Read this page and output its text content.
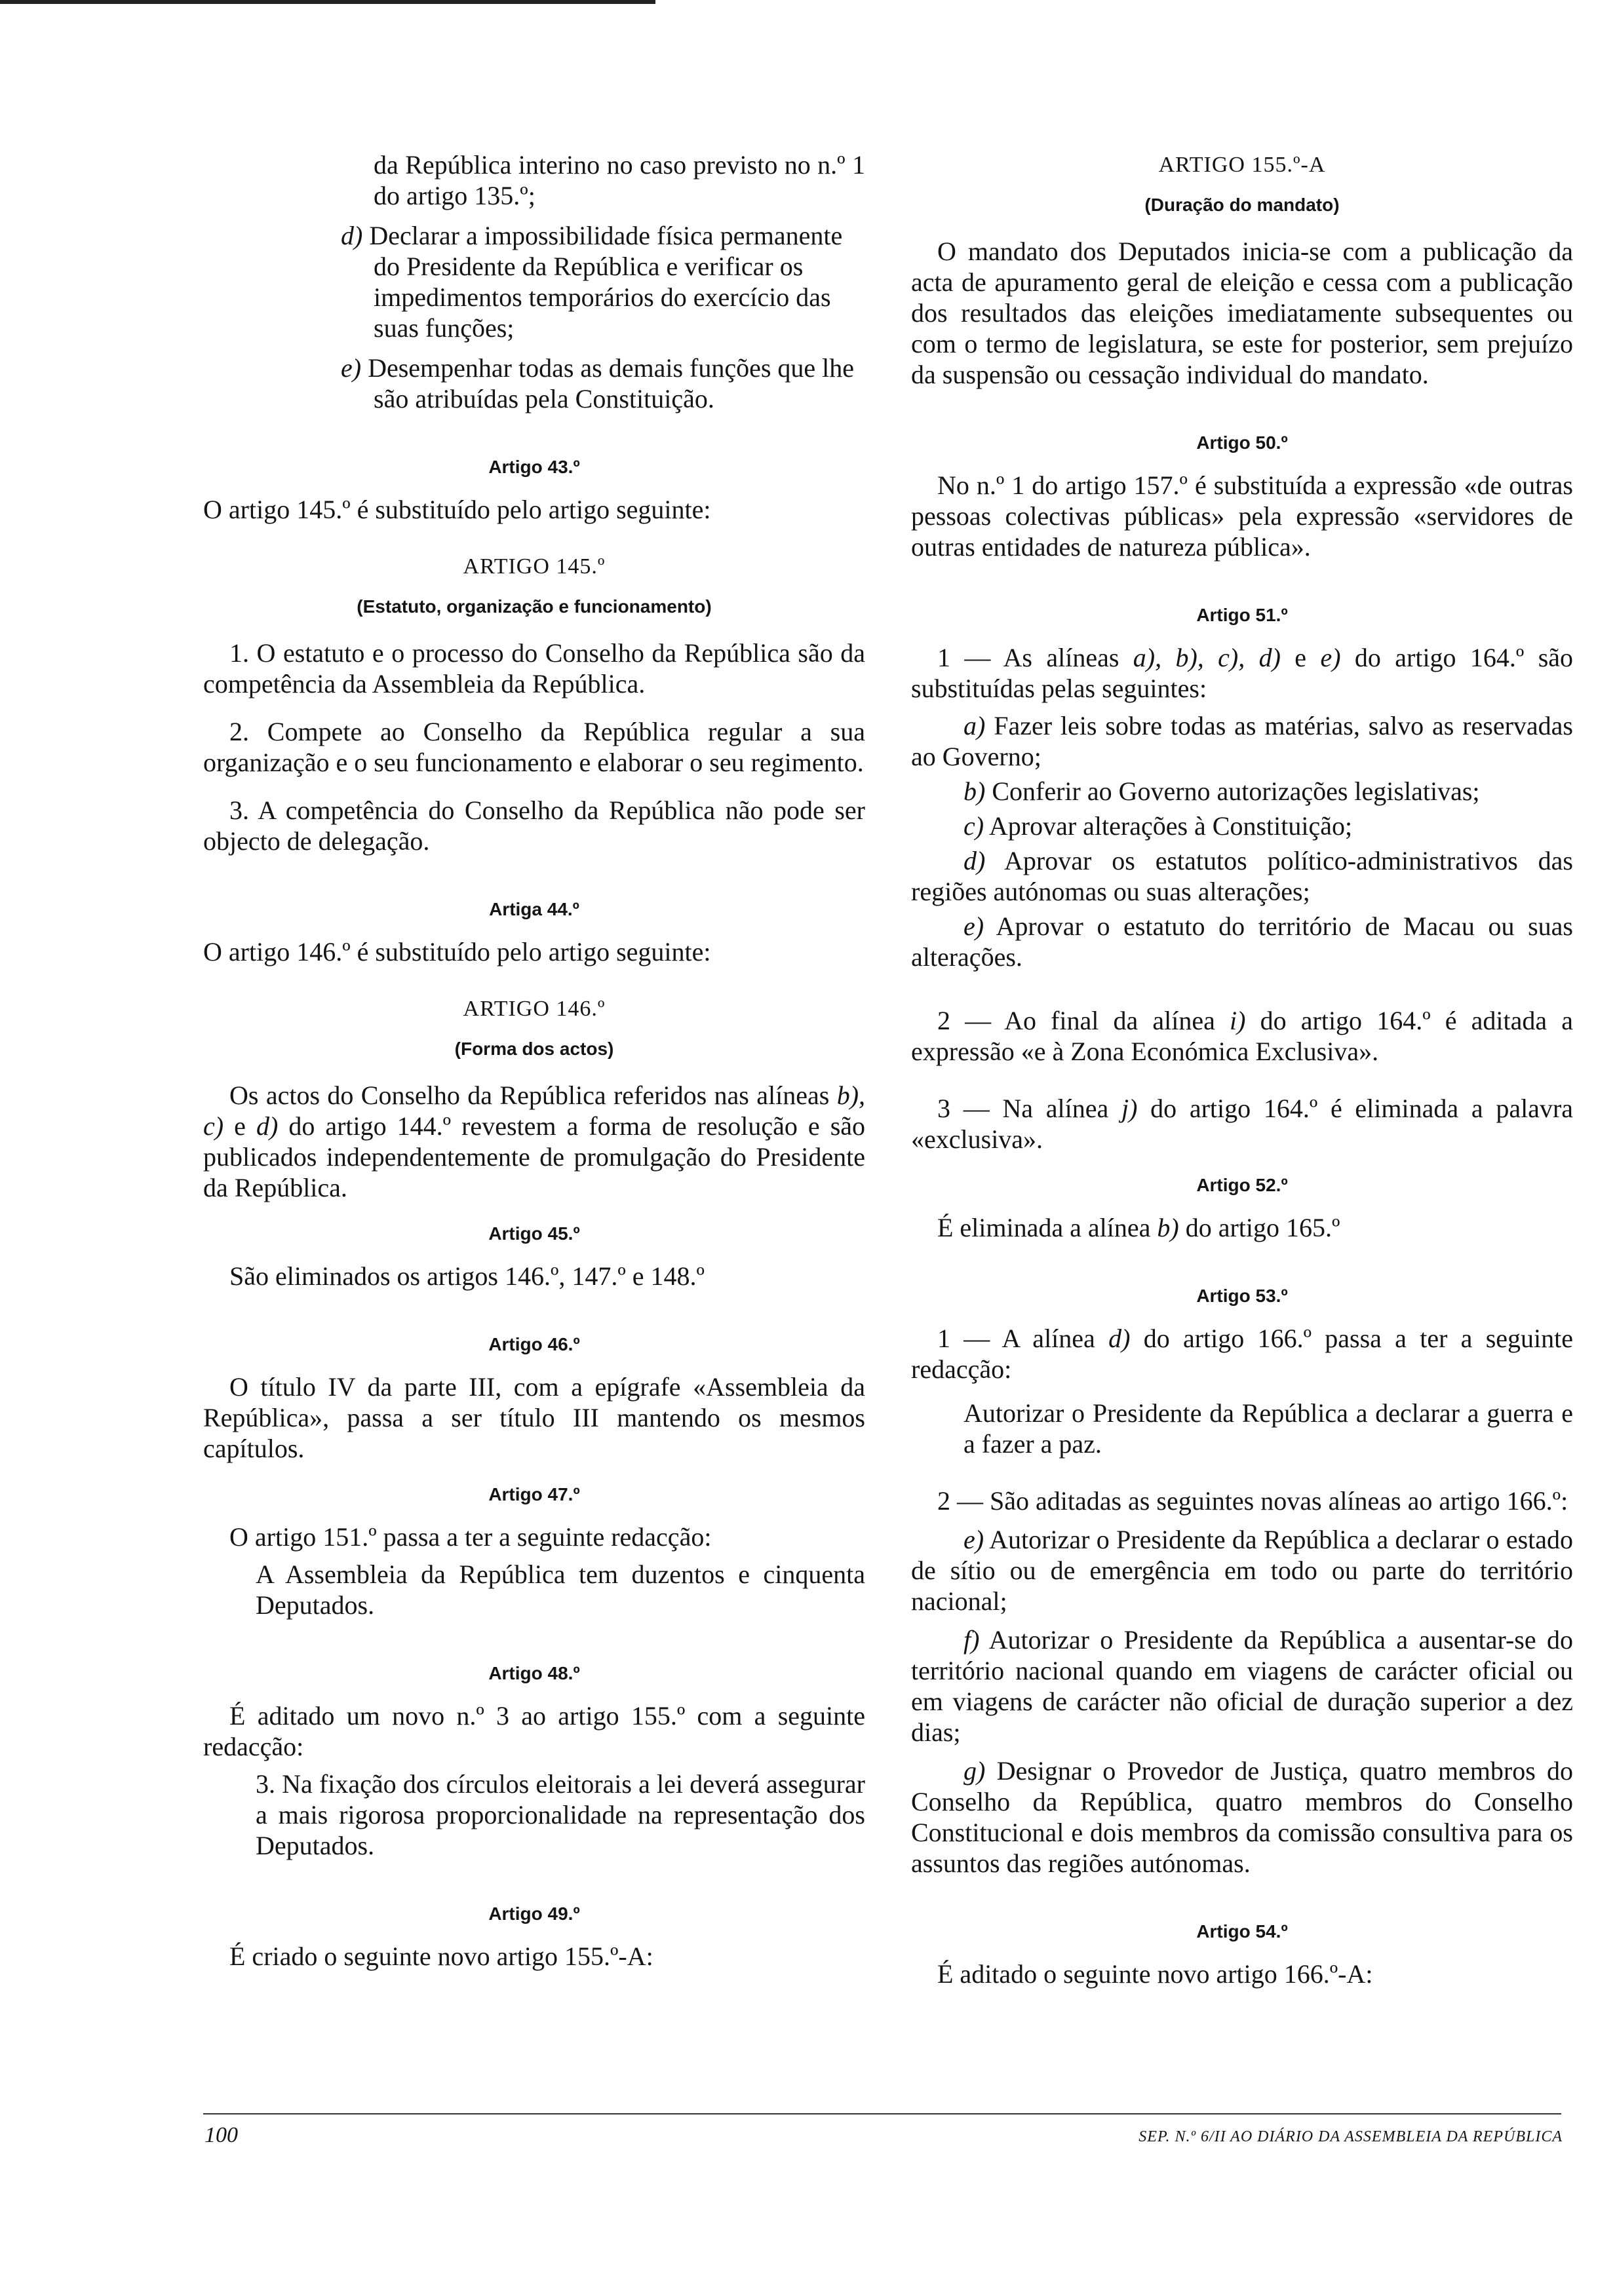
da República interino no caso previsto no n.º 1 do artigo 135.º;

d) Declarar a impossibilidade física permanente do Presidente da República e verificar os impedimentos temporários do exercício das suas funções;
e) Desempenhar todas as demais funções que lhe são atribuídas pela Constituição.
Artigo 43.º

O artigo 145.º é substituído pelo artigo seguinte:

ARTIGO 145.º
(Estatuto, organização e funcionamento)

1. O estatuto e o processo do Conselho da República são da competência da Assembleia da República.

2. Compete ao Conselho da República regular a sua organização e o seu funcionamento e elaborar o seu regimento.

3. A competência do Conselho da República não pode ser objecto de delegação.

Artiga 44.º

O artigo 146.º é substituído pelo artigo seguinte:

ARTIGO 146.º
(Forma dos actos)

Os actos do Conselho da República referidos nas alíneas b), c) e d) do artigo 144.º revestem a forma de resolução e são publicados independentemente de promulgação do Presidente da República.

Artigo 45.º

São eliminados os artigos 146.º, 147.º e 148.º

Artigo 46.º

O título IV da parte III, com a epígrafe «Assembleia da República», passa a ser título III mantendo os mesmos capítulos.

Artigo 47.º

O artigo 151.º passa a ter a seguinte redacção:

A Assembleia da República tem duzentos e cinquenta Deputados.

Artigo 48.º

É aditado um novo n.º 3 ao artigo 155.º com a seguinte redacção:

3. Na fixação dos círculos eleitorais a lei deverá assegurar a mais rigorosa proporcionalidade na representação dos Deputados.

Artigo 49.º

É criado o seguinte novo artigo 155.º-A:

ARTIGO 155.º-A
(Duração do mandato)

O mandato dos Deputados inicia-se com a publicação da acta de apuramento geral de eleição e cessa com a publicação dos resultados das eleições imediatamente subsequentes ou com o termo de legislatura, se este for posterior, sem prejuízo da suspensão ou cessação individual do mandato.

Artigo 50.º

No n.º 1 do artigo 157.º é substituída a expressão «de outras pessoas colectivas públicas» pela expressão «servidores de outras entidades de natureza pública».

Artigo 51.º

1 — As alíneas a), b), c), d) e e) do artigo 164.º são substituídas pelas seguintes:

a) Fazer leis sobre todas as matérias, salvo as reservadas ao Governo;

b) Conferir ao Governo autorizações legislativas;

c) Aprovar alterações à Constituição;

d) Aprovar os estatutos político-administrativos das regiões autónomas ou suas alterações;

e) Aprovar o estatuto do território de Macau ou suas alterações.

2 — Ao final da alínea i) do artigo 164.º é aditada a expressão «e à Zona Económica Exclusiva».

3 — Na alínea j) do artigo 164.º é eliminada a palavra «exclusiva».

Artigo 52.º

É eliminada a alínea b) do artigo 165.º

Artigo 53.º

1 — A alínea d) do artigo 166.º passa a ter a seguinte redacção:

Autorizar o Presidente da República a declarar a guerra e a fazer a paz.

2 — São aditadas as seguintes novas alíneas ao artigo 166.º:

e) Autorizar o Presidente da República a declarar o estado de sítio ou de emergência em todo ou parte do território nacional;

f) Autorizar o Presidente da República a ausentar-se do território nacional quando em viagens de carácter oficial ou em viagens de carácter não oficial de duração superior a dez dias;

g) Designar o Provedor de Justiça, quatro membros do Conselho da República, quatro membros do Conselho Constitucional e dois membros da comissão consultiva para os assuntos das regiões autónomas.

Artigo 54.º

É aditado o seguinte novo artigo 166.º-A:

100	SEP. N.º 6/II AO DIÁRIO DA ASSEMBLEIA DA REPÚBLICA
